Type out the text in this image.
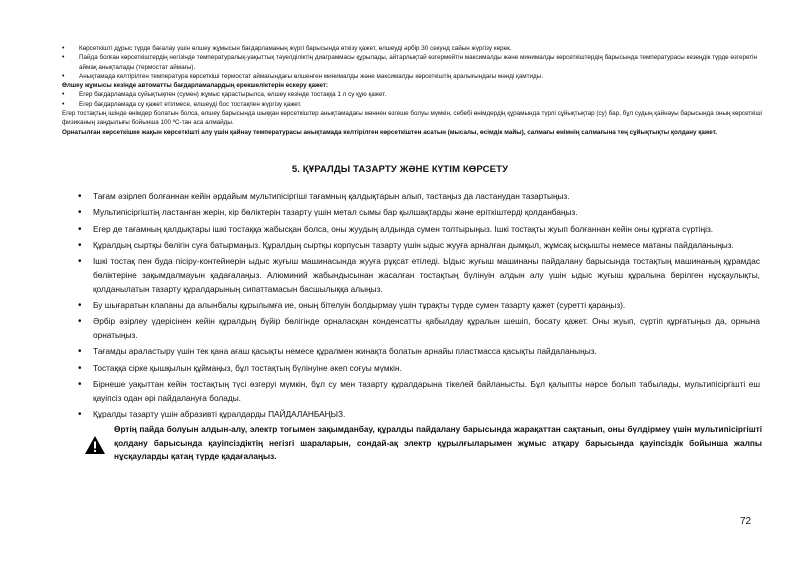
• Көрсеткішті дұрыс түрде бағалау үшін өлшеу жұмысын бағдарламаның жүргі барысында өткізу қажет, өлшеуді әрбір 30 секунд сайын жүргізу керек.
• Пайда болған көрсеткіштердің негізінде температуралық-уақыттық тәуелділіктің диаграммасы құрылады, айтарлықтай өзгермейтін максималды және минималды көрсеткіштердің барысында температурасы кезеңдік түрде өзгеретін аймақ анықталады (термостат аймағы).
• Анықтамада келтірілген температура көрсеткіші термостат аймағындағы өлшенген минималды және максималды көрсеткіштің аралығындағы мәнді қамтиды.

Өлшеу жұмысы кезінде автоматты бағдарламалардың ерекшеліктерін ескеру қажет:

• Егер бағдарламада суйықтықпен (сумен) жұмыс қарастырылса, өлшеу кезінде тостаққа 1 л су құю қажет.
• Егер бағдарламада су қажет етілмесе, өлшеуді бос тостақпен жүргізу қажет.

Егер тостақтың ішінде өнімдер болатын болса, өлшеу барысында шыққан көрсеткіштер анықтамадағы мәннен өзгеше болуы мүмкін, себебі өнімдердің құрамында түрлі сұйықтықтар (су) бар, бұл судың қайнауы барысында оның көрсеткіші физиканың заңдылығы бойынша 100 ºС-тан аса алмайды.

Орнатылған көрсеткішке жақын көрсеткішті алу үшін қайнау температурасы анықтамада келтірілген көрсеткіштен асатын (мысалы, өсімдік майы), салмағы өнімнің салмағына тең сұйықтықты қолдану қажет.

5. ҚҰРАЛДЫ ТАЗАРТУ ЖӘНЕ КҮТІМ КӨРСЕТУ
• Тағам әзірлеп болғаннан кейін әрдайым мультипісіргіші тағамның қалдықтарын алып, тастаңыз да ластанудан тазартыңыз.
• Мультипісіргіштің ластанған жерін, кір бөліктерін тазарту үшін метал сымы бар қылшақтарды және еріткіштерді қолданбаңыз.
• Егер де тағамның қалдықтары ішкі тостаққа жабысқан болса, оны жуудың алдында сумен толтырыңыз. Ішкі тостақты жуып болғаннан кейін оны құрғата сүртіңіз.
• Құралдың сыртқы бөлігін суға батырмаңыз. Құралдың сыртқы корпусын тазарту үшін ыдыс жууға арналған дымқыл, жұмсақ ысқышты немесе матаны пайдаланыңыз.
• Ішкі тостақ пен буда пісіру-контейнерін ыдыс жуғыш машинасында жууға рұқсат етіледі. Ыдыс жуғыш машинаны пайдалану барысында тостақтың машинаның құрамдас бөліктеріне зақымдалмауын қадағалаңыз. Алюминий жабындысынан жасалған тостақтың бүлінуін алдын алу үшін ыдыс жуғыш құралына берілген нұсқаулықты, қолданылатын тазарту құралдарының сипаттамасын басшылыққа алыңыз.
• Бу шығаратын клапаны да алынбалы құрылымға ие, оның бітелуін болдырмау үшін тұрақты түрде сумен тазарту қажет (суретті қараңыз).
• Әрбір әзірлеу үдерісінен кейін құралдың бүйір бөлігінде орналасқан конденсатты қабылдау құралын шешіп, босату қажет. Оны жуып, сүртіп құрғатыңыз да, орнына орнатыңыз.
• Тағамды араластыру үшін тек қана ағаш қасықты немесе құралмен жинақта болатын арнайы пластмасса қасықты пайдаланыңыз.
• Тостаққа сірке қышқылын құймаңыз, бұл тостақтың бүлінуіне әкеп соғуы мүмкін.
• Бірнеше уақыттан кейін тостақтың түсі өзгеруі мүмкін, бұл су мен тазарту құралдарына тікелей байланысты. Бұл қалыпты нәрсе болып табылады, мультипісіргішті еш қауіпсіз одан әрі пайдалануға болады.
• Құралды тазарту үшін абразивті құралдарды ПАЙДАЛАНБАҢЫЗ.
Өртің пайда болуын алдын-алу, электр тогымен зақымданбау, құралды пайдалану барысында жарақаттан сақтанып, оны бүлдірмеу үшін мультипісіргішті қолдану барысында қауіпсіздіктің негізгі шараларын, сондай-ақ электр құрылғыларымен жұмыс атқару барысында қауіпсіздік бойынша жалпы нұсқауларды қатаң түрде қадағалаңыз.
72
